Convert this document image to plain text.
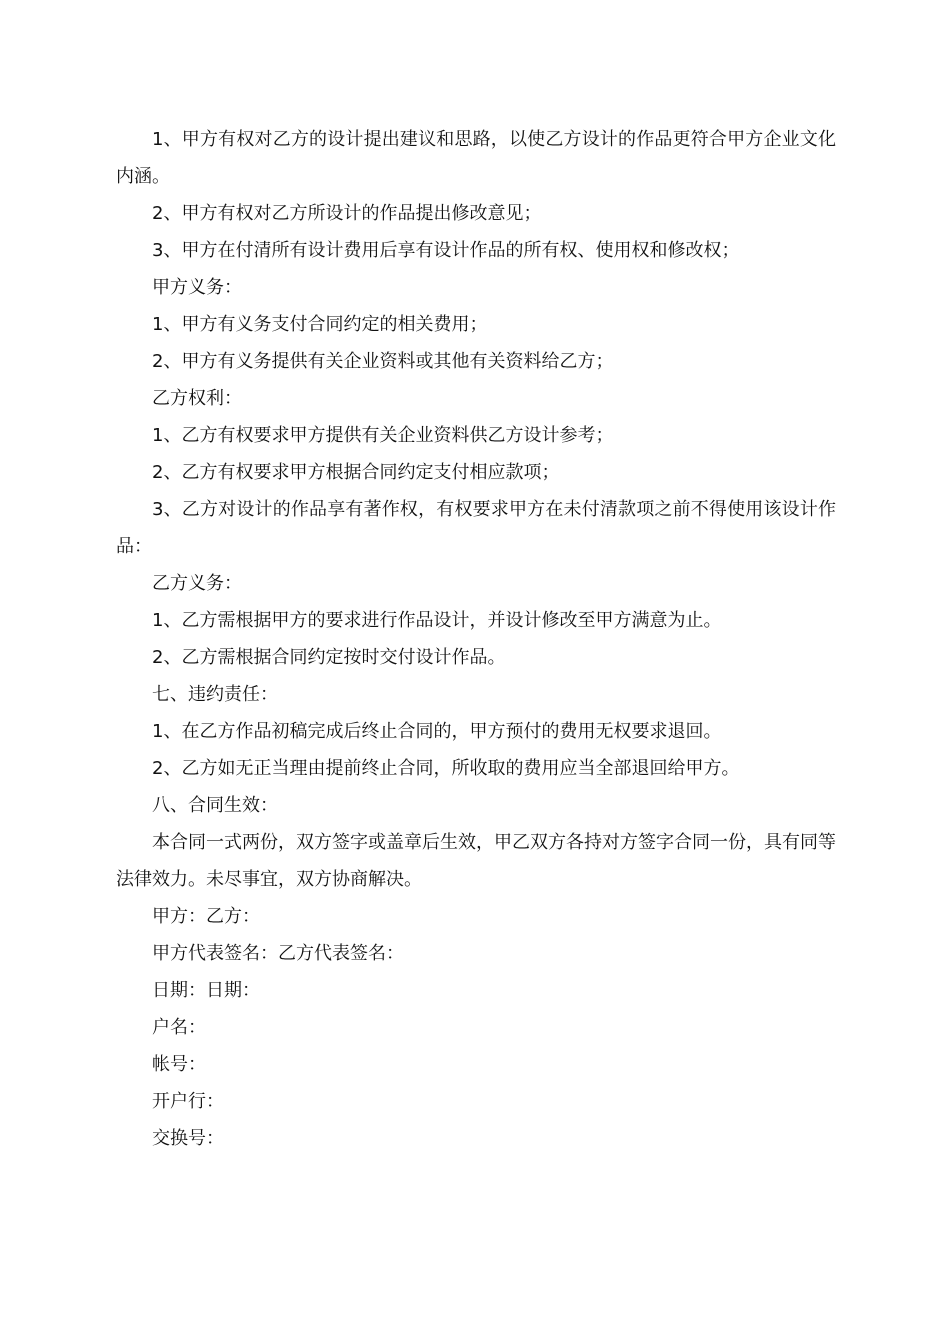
1、甲方有权对乙方的设计提出建议和思路，以使乙方设计的作品更符合甲方企业文化内涵。

2、甲方有权对乙方所设计的作品提出修改意见；

3、甲方在付清所有设计费用后享有设计作品的所有权、使用权和修改权；

甲方义务：

1、甲方有义务支付合同约定的相关费用；

2、甲方有义务提供有关企业资料或其他有关资料给乙方；

乙方权利：

1、乙方有权要求甲方提供有关企业资料供乙方设计参考；

2、乙方有权要求甲方根据合同约定支付相应款项；

3、乙方对设计的作品享有著作权，有权要求甲方在未付清款项之前不得使用该设计作品：

乙方义务：

1、乙方需根据甲方的要求进行作品设计，并设计修改至甲方满意为止。

2、乙方需根据合同约定按时交付设计作品。

七、违约责任：

1、在乙方作品初稿完成后终止合同的，甲方预付的费用无权要求退回。

2、乙方如无正当理由提前终止合同，所收取的费用应当全部退回给甲方。

八、合同生效：

本合同一式两份，双方签字或盖章后生效，甲乙双方各持对方签字合同一份，具有同等法律效力。未尽事宜，双方协商解决。

甲方：乙方：

甲方代表签名：乙方代表签名：

日期：日期：

户名：

帐号：

开户行：

交换号：
